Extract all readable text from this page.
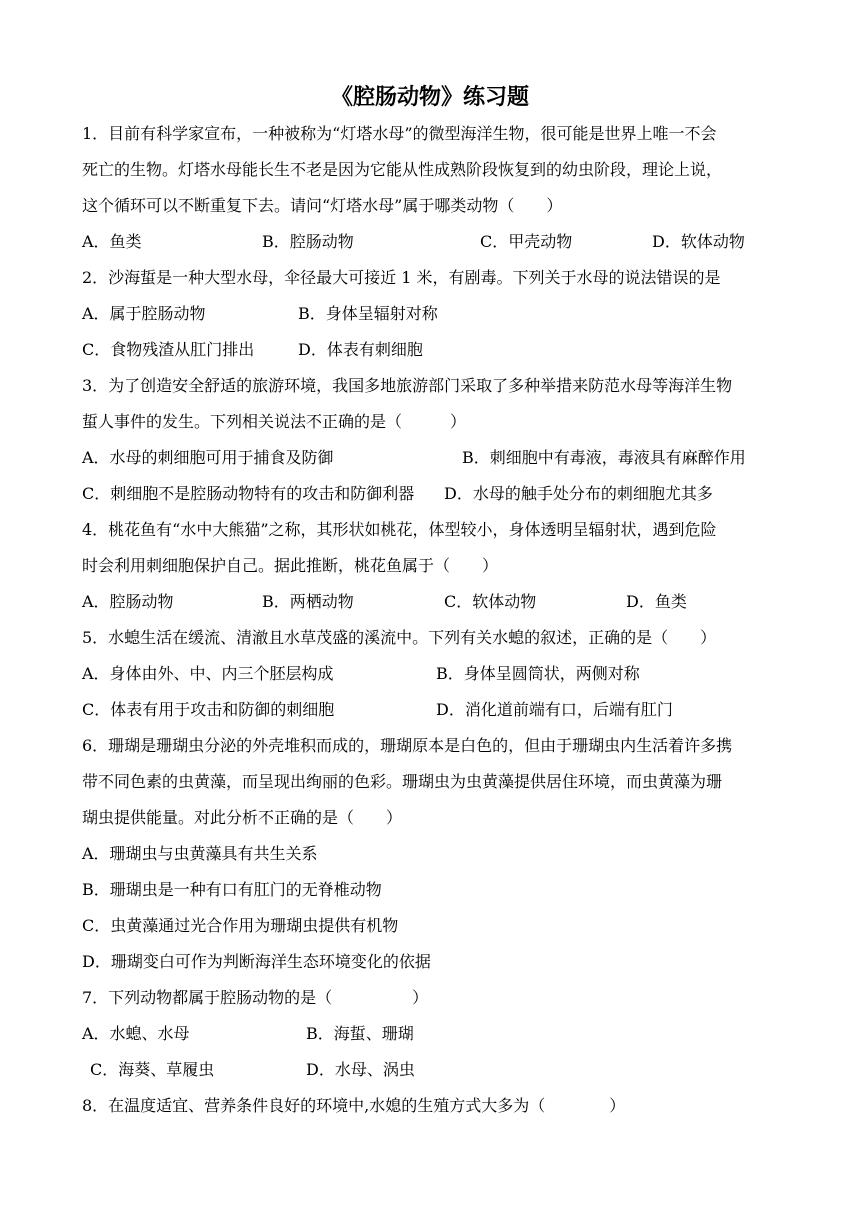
《腔肠动物》练习题
1．目前有科学家宣布，一种被称为“灯塔水母”的微型海洋生物，很可能是世界上唯一不会
死亡的生物。灯塔水母能长生不老是因为它能从性成熟阶段恢复到的幼虫阶段，理论上说，
这个循环可以不断重复下去。请问“灯塔水母”属于哪类动物（　　）
A．鱼类	B．腔肠动物	C．甲壳动物	D．软体动物
2．沙海蜇是一种大型水母，伞径最大可接近 1 米，有剧毒。下列关于水母的说法错误的是
A．属于腔肠动物	B．身体呈辐射对称
C．食物残渣从肛门排出	D．体表有刺细胞
3．为了创造安全舒适的旅游环境，我国多地旅游部门采取了多种举措来防范水母等海洋生物
蜇人事件的发生。下列相关说法不正确的是（　　　）
A．水母的刺细胞可用于捕食及防御	B．刺细胞中有毒液，毒液具有麻醉作用
C．刺细胞不是腔肠动物特有的攻击和防御利器 D．水母的触手处分布的刺细胞尤其多
4．桃花鱼有“水中大熊猫”之称，其形状如桃花，体型较小，身体透明呈辐射状，遇到危险
时会利用刺细胞保护自己。据此推断，桃花鱼属于（　　）
A．腔肠动物	B．两栖动物	C．软体动物	D．鱼类
5．水螅生活在缓流、清澈且水草茂盛的溪流中。下列有关水螅的叙述，正确的是（　　）
A．身体由外、中、内三个胚层构成	B．身体呈圆筒状，两侧对称
C．体表有用于攻击和防御的刺细胞	D．消化道前端有口，后端有肛门
6．珊瑚是珊瑚虫分泌的外壳堆积而成的，珊瑚原本是白色的，但由于珊瑚虫内生活着许多携
带不同色素的虫黄藻，而呈现出绚丽的色彩。珊瑚虫为虫黄藻提供居住环境，而虫黄藻为珊
瑚虫提供能量。对此分析不正确的是（　　）
A．珊瑚虫与虫黄藻具有共生关系
B．珊瑚虫是一种有口有肛门的无脊椎动物
C．虫黄藻通过光合作用为珊瑚虫提供有机物
D．珊瑚变白可作为判断海洋生态环境变化的依据
7．下列动物都属于腔肠动物的是（　　　　　）
A．水螅、水母	B．海蜇、珊瑚
C．海葵、草履虫	D．水母、涡虫
8．在温度适宜、营养条件良好的环境中,水媳的生殖方式大多为（　　　　）
